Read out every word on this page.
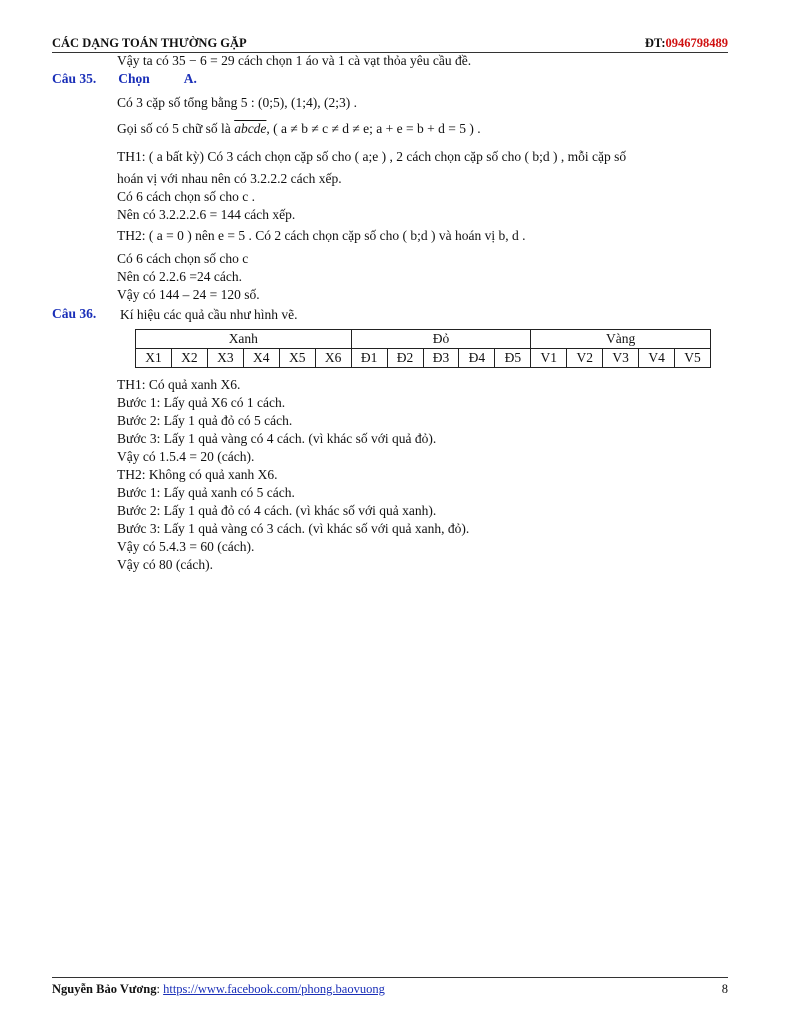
CÁC DẠNG TOÁN THƯỜNG GẶP	ĐT:0946798489
Vậy ta có 35 − 6 = 29 cách chọn 1 áo và 1 cà vạt thỏa yêu cầu đề.
Câu 35. Chọn	A.
Có 3 cặp số tổng bằng 5 : (0;5), (1;4), (2;3) .
Gọi số có 5 chữ số là abcde, ( a ≠ b ≠ c ≠ d ≠ e; a + e = b + d = 5 ) .
TH1: ( a bất kỳ) Có 3 cách chọn cặp số cho ( a;e ) , 2 cách chọn cặp số cho ( b;d ) , mỗi cặp số
hoán vị với nhau nên có 3.2.2.2 cách xếp.
Có 6 cách chọn số cho c .
Nên có 3.2.2.2.6 = 144 cách xếp.
TH2: ( a = 0 ) nên e = 5 . Có 2 cách chọn cặp số cho ( b;d ) và hoán vị b, d .
Có 6 cách chọn số cho c
Nên có 2.2.6 =24 cách.
Vậy có 144 – 24 = 120 số.
Câu 36. Kí hiệu các quả cầu như hình vẽ.
Xanh						Đỏ					Vàng				
X1	X2	X3	X4	X5	X6	Đ1	Đ2	Đ3	Đ4	Đ5	V1	V2	V3	V4	V5
TH1: Có quả xanh X6.
Bước 1: Lấy quả X6 có 1 cách.
Bước 2: Lấy 1 quả đỏ có 5 cách.
Bước 3: Lấy 1 quả vàng có 4 cách. (vì khác số với quả đỏ).
Vậy có 1.5.4 = 20 (cách).
TH2: Không có quả xanh X6.
Bước 1: Lấy quả xanh có 5 cách.
Bước 2: Lấy 1 quả đỏ có 4 cách. (vì khác số với quả xanh).
Bước 3: Lấy 1 quả vàng có 3 cách. (vì khác số với quả xanh, đỏ).
Vậy có 5.4.3 = 60 (cách).
Vậy có 80 (cách).
Nguyễn Bảo Vương: https://www.facebook.com/phong.baovuong	8
